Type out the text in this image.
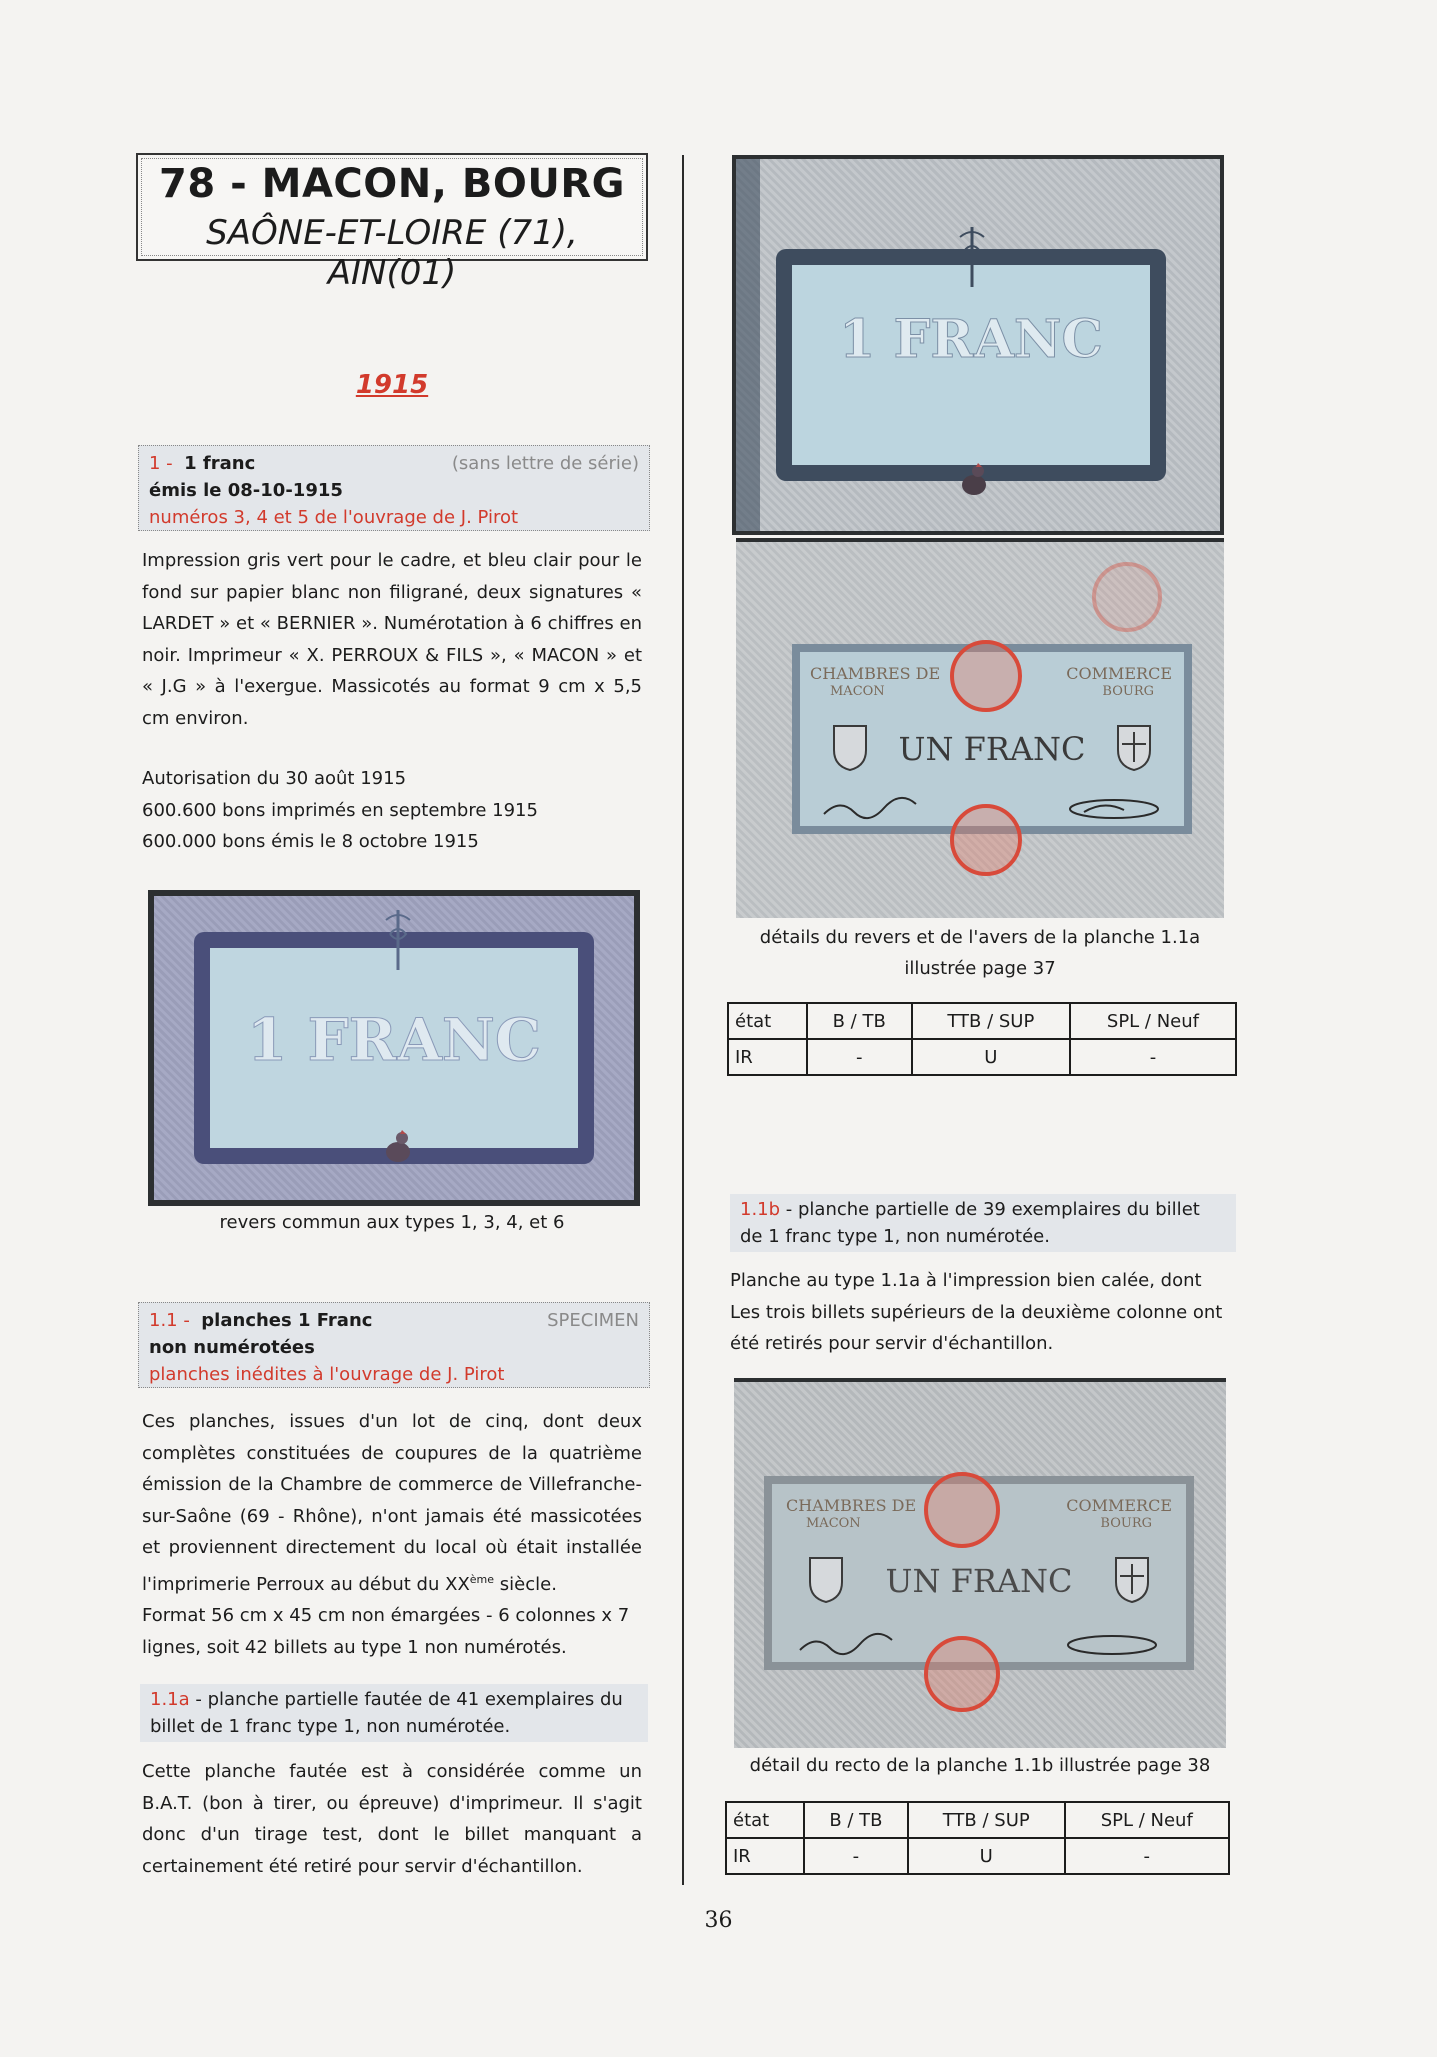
78 - MACON, BOURG
SAÔNE-ET-LOIRE (71), AIN(01)
1915
1 - 1 franc	(sans lettre de série)
émis le 08-10-1915
numéros 3, 4 et 5 de l'ouvrage de J. Pirot
Impression gris vert pour le cadre, et bleu clair pour le fond sur papier blanc non filigrané, deux signatures « LARDET » et « BERNIER ». Numérotation à 6 chiffres en noir. Imprimeur « X. PERROUX & FILS », « MACON » et « J.G » à l'exergue. Massicotés au format 9 cm x 5,5 cm environ.
Autorisation du 30 août 1915
600.600 bons imprimés en septembre 1915
600.000 bons émis le 8 octobre 1915
1 FRANC
revers commun aux types 1, 3, 4, et 6
1.1 - planches 1 Franc	SPECIMEN
non numérotées
planches inédites à l'ouvrage de J. Pirot
Ces planches, issues d'un lot de cinq, dont deux complètes constituées de coupures de la quatrième émission de la Chambre de commerce de Villefranche-sur-Saône (69 - Rhône), n'ont jamais été massicotées et proviennent directement du local où était installée l'imprimerie Perroux au début du XXème siècle.
Format 56 cm x 45 cm non émargées - 6 colonnes x 7 lignes, soit 42 billets au type 1 non numérotés.
1.1a - planche partielle fautée de 41 exemplaires du billet de 1 franc type 1, non numérotée.
Cette planche fautée est à considérée comme un B.A.T. (bon à tirer, ou épreuve) d'imprimeur. Il s'agit donc d'un tirage test, dont le billet manquant a certainement été retiré pour servir d'échantillon.
1 FRANC
CHAMBRES DE
MACON
COMMERCE
BOURG
UN FRANC
détails du revers et de l'avers de la planche 1.1a illustrée page 37
état	B / TB	TTB / SUP	SPL / Neuf
IR	-	U	-
1.1b - planche partielle de 39 exemplaires du billet de 1 franc type 1, non numérotée.
Planche au type 1.1a à l'impression bien calée, dont Les trois billets supérieurs de la deuxième colonne ont été retirés pour servir d'échantillon.
CHAMBRES DE
MACON
COMMERCE
BOURG
UN FRANC
détail du recto de la planche 1.1b illustrée page 38
état	B / TB	TTB / SUP	SPL / Neuf
IR	-	U	-
36
